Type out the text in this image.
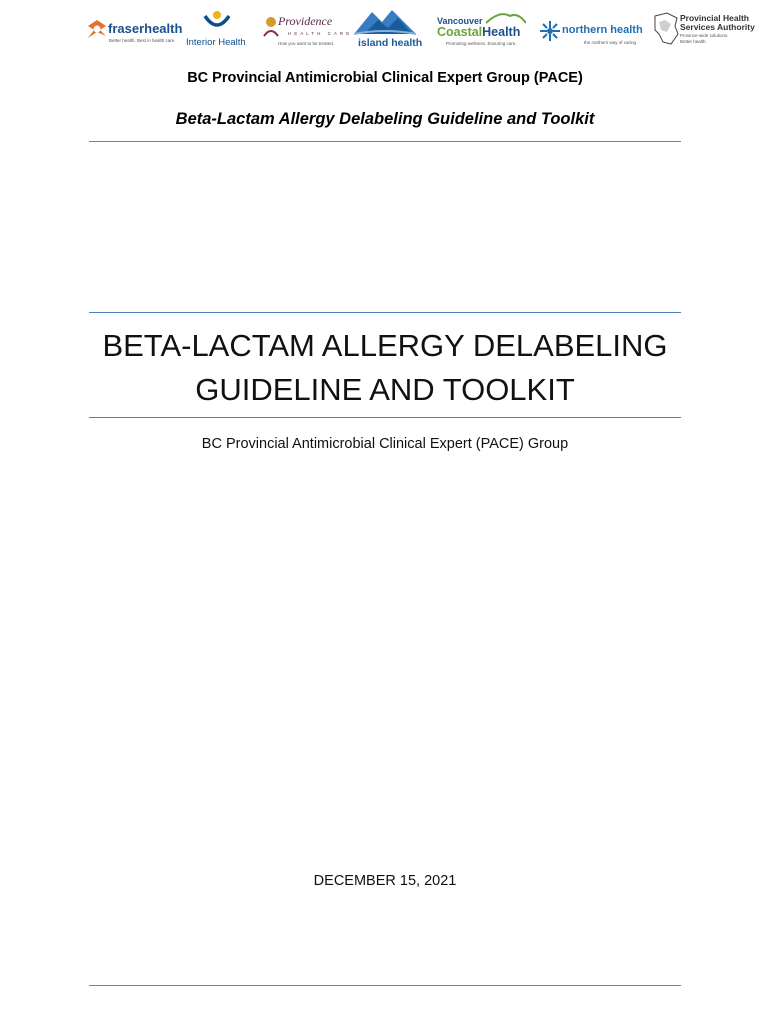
fraserhealth
Better health. Best in health care. Interior Health
Providence
HEALTH CARE
How you want to be treated. island health
Vancouver
CoastalHealth
Promoting wellness. Ensuring care.
northern health
the northern way of caring
Provincial Health
Services Authority
Province-wide solutions.
Better health.
BC Provincial Antimicrobial Clinical Expert Group (PACE)
Beta-Lactam Allergy Delabeling Guideline and Toolkit
BETA-LACTAM ALLERGY DELABELING
GUIDELINE AND TOOLKIT
BC Provincial Antimicrobial Clinical Expert (PACE) Group
DECEMBER 15, 2021
